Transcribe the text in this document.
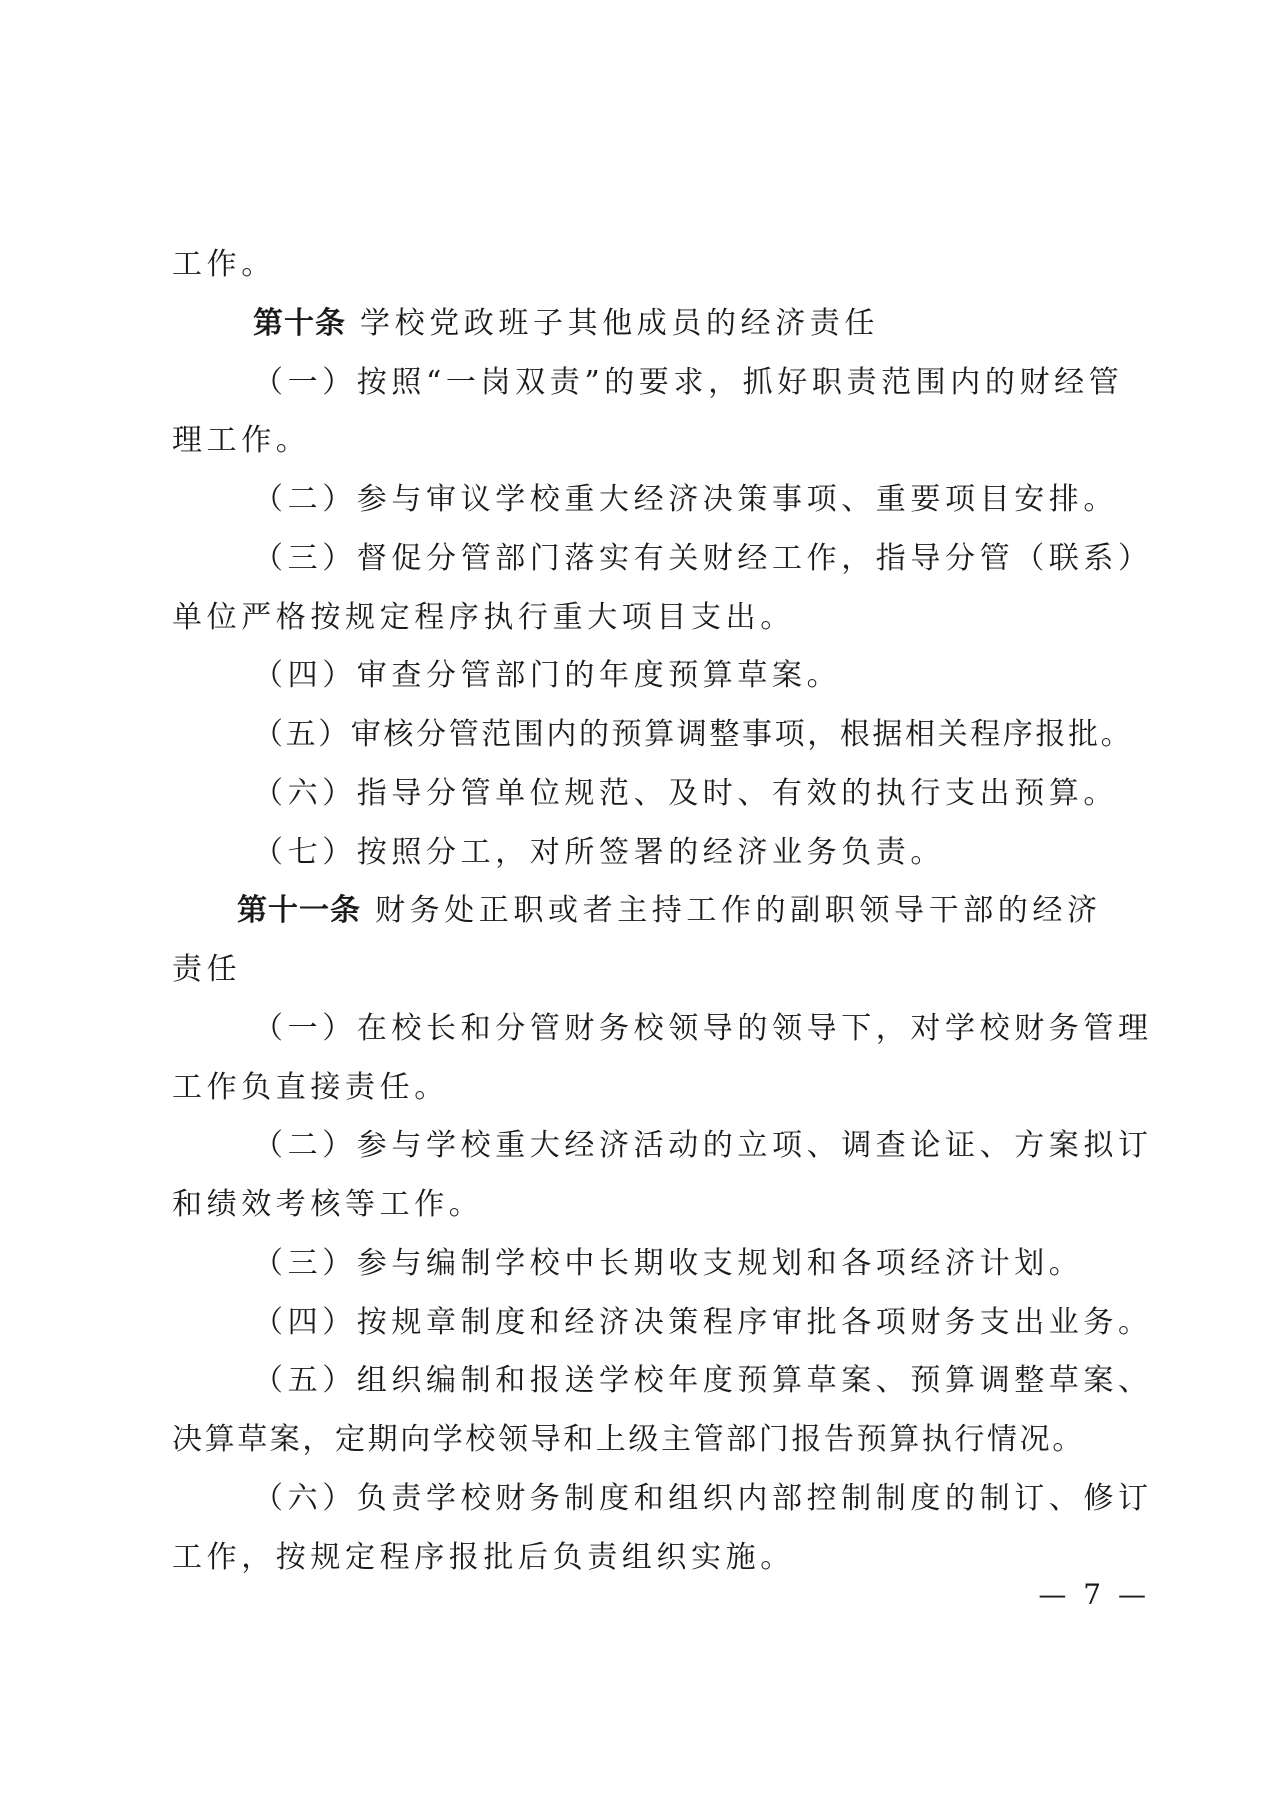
工作。
第十条 学校党政班子其他成员的经济责任
（一）按照“一岗双责”的要求，抓好职责范围内的财经管
理工作。
（二）参与审议学校重大经济决策事项、重要项目安排。
（三）督促分管部门落实有关财经工作，指导分管（联系）
单位严格按规定程序执行重大项目支出。
（四）审查分管部门的年度预算草案。
（五）审核分管范围内的预算调整事项，根据相关程序报批。
（六）指导分管单位规范、及时、有效的执行支出预算。
（七）按照分工，对所签署的经济业务负责。
第十一条 财务处正职或者主持工作的副职领导干部的经济
责任
（一）在校长和分管财务校领导的领导下，对学校财务管理
工作负直接责任。
（二）参与学校重大经济活动的立项、调查论证、方案拟订
和绩效考核等工作。
（三）参与编制学校中长期收支规划和各项经济计划。
（四）按规章制度和经济决策程序审批各项财务支出业务。
（五）组织编制和报送学校年度预算草案、预算调整草案、
决算草案，定期向学校领导和上级主管部门报告预算执行情况。
（六）负责学校财务制度和组织内部控制制度的制订、修订
工作，按规定程序报批后负责组织实施。
— 7 —
